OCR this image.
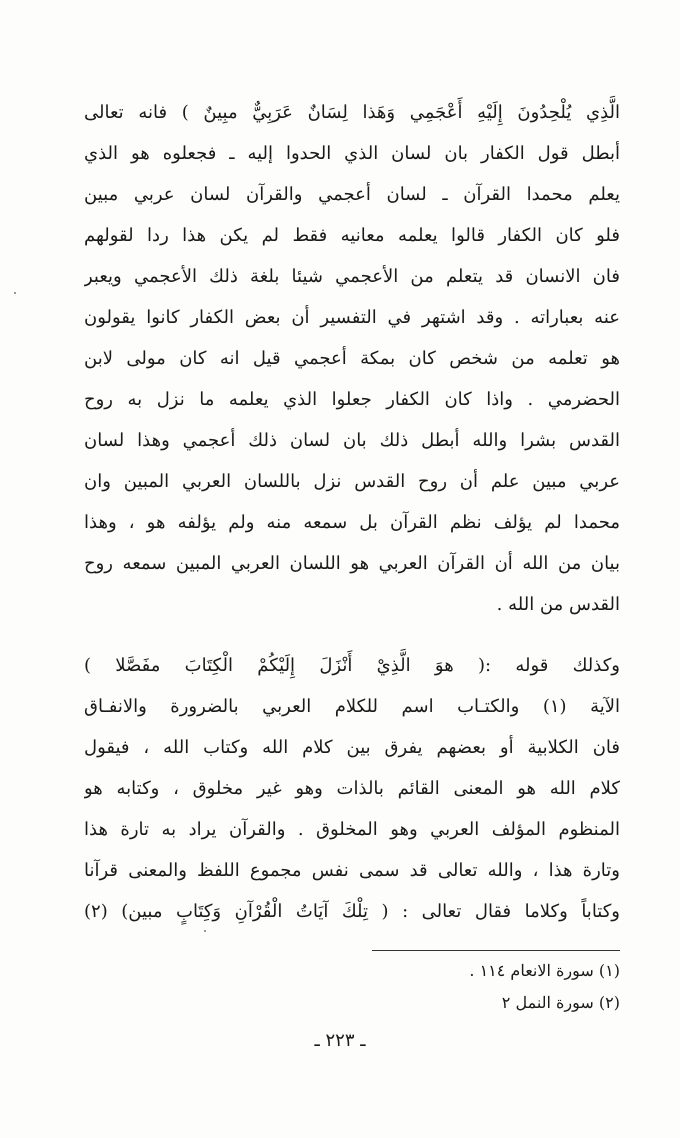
الَّذِي يُلْحِدُونَ إِلَيْهِ أَعْجَمِي وَهَذا لِسَانٌ عَرَبِيٌّ مبِينٌ ) فانه تعالى
أبطل قول الكفار بان لسان الذي الحدوا إليه ـ فجعلوه هو الذي
يعلم محمدا القرآن ـ لسان أعجمي والقرآن لسان عربي مبين
فلو كان الكفار قالوا يعلمه معانيه فقط لم يكن هذا ردا لقولهم
فان الانسان قد يتعلم من الأعجمي شيئا بلغة ذلك الأعجمي ويعبر
عنه بعباراته . وقد اشتهر في التفسير أن بعض الكفار كانوا يقولون
هو تعلمه من شخص كان بمكة أعجمي قيل انه كان مولى لابن
الحضرمي . واذا كان الكفار جعلوا الذي يعلمه ما نزل به روح
القدس بشرا والله أبطل ذلك بان لسان ذلك أعجمي وهذا لسان
عربي مبين علم أن روح القدس نزل باللسان العربي المبين وان
محمدا لم يؤلف نظم القرآن بل سمعه منه ولم يؤلفه هو ، وهذا
بيان من الله أن القرآن العربي هو اللسان العربي المبين سمعه روح
القدس من الله .
وكذلك قوله :( هوَ الَّذِيْ أَنْزَلَ إِلَيْكُمْ الْكِتَابَ مفَصَّلا )
الآية (١) والكتـاب اسم للكلام العربي بالضرورة والانفـاق
فان الكلابية أو بعضهم يفرق بين كلام الله وكتاب الله ، فيقول
كلام الله هو المعنى القائم بالذات وهو غير مخلوق ، وكتابه هو
المنظوم المؤلف العربي وهو المخلوق . والقرآن يراد به تارة هذا
وتارة هذا ، والله تعالى قد سمى نفس مجموع اللفظ والمعنى قرآنا
وكتاباً وكلاما فقال تعالى : ( تِلْكَ آيَاتُ الْقُرْآنِ وَكِتَابٍ مبين) (٢)
(١) سورة الانعام ١١٤ .
(٢) سورة النمل ٢
ـ ٢٢٣ ـ
